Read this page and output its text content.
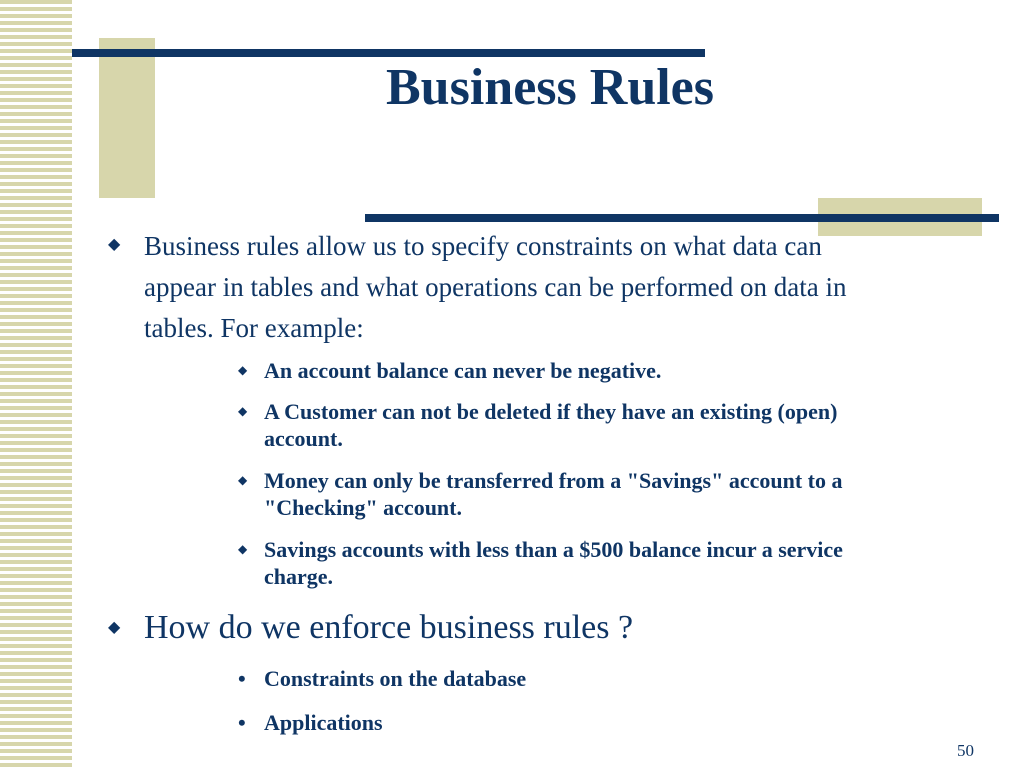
Business Rules
◆ Business rules allow us to specify constraints on what data can appear in tables and what operations can be performed on data in tables. For example:
◆ An account balance can never be negative.
◆ A Customer can not be deleted if they have an existing (open) account.
◆ Money can only be transferred from a "Savings" account to a "Checking" account.
◆ Savings accounts with less than a $500 balance incur a service charge.
◆ How do we enforce business rules ?
• Constraints on the database
• Applications
50
